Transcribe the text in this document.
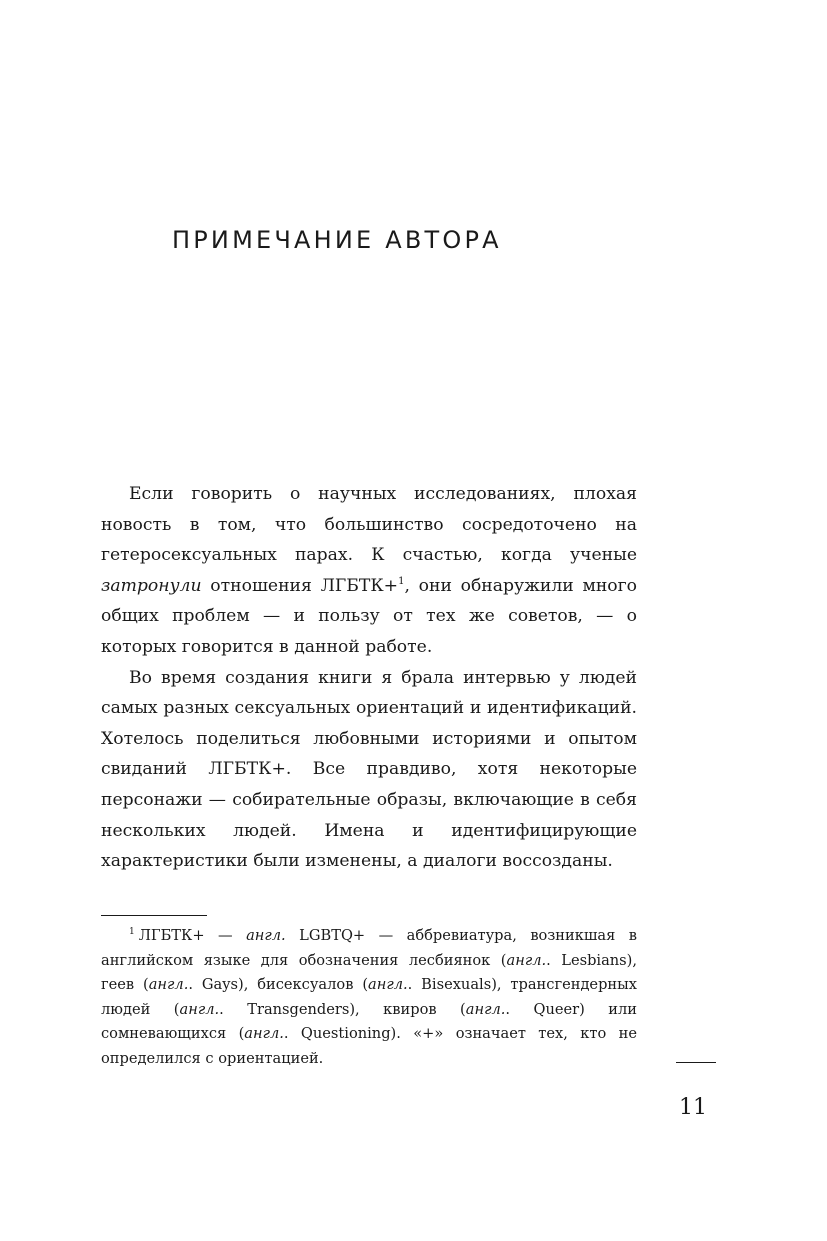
ПРИМЕЧАНИЕ АВТОРА

Если говорить о научных исследованиях, плохая новость в том, что большинство сосредоточено на гетеросексуальных парах. К счастью, когда ученые затронули отношения ЛГБТК+$^1$, они обнаружили много общих проблем — и пользу от тех же советов, — о которых говорится в данной работе.

Во время создания книги я брала интервью у людей самых разных сексуальных ориентаций и идентификаций. Хотелось поделиться любовными историями и опытом свиданий ЛГБТК+. Все правдиво, хотя некоторые персонажи — собирательные образы, включающие в себя нескольких людей. Имена и идентифицирующие характеристики были изменены, а диалоги воссозданы.

$^1$ ЛГБТК+ — англ. LGBTQ+ — аббревиатура, возникшая в английском языке для обозначения лесбиянок (англ.. Lesbians), геев (англ.. Gays), бисексуалов (англ.. Bisexuals), трансгендерных людей (англ.. Transgenders), квиров (англ.. Queer) или сомневающихся (англ.. Questioning). «+» означает тех, кто не определился с ориентацией.

11
